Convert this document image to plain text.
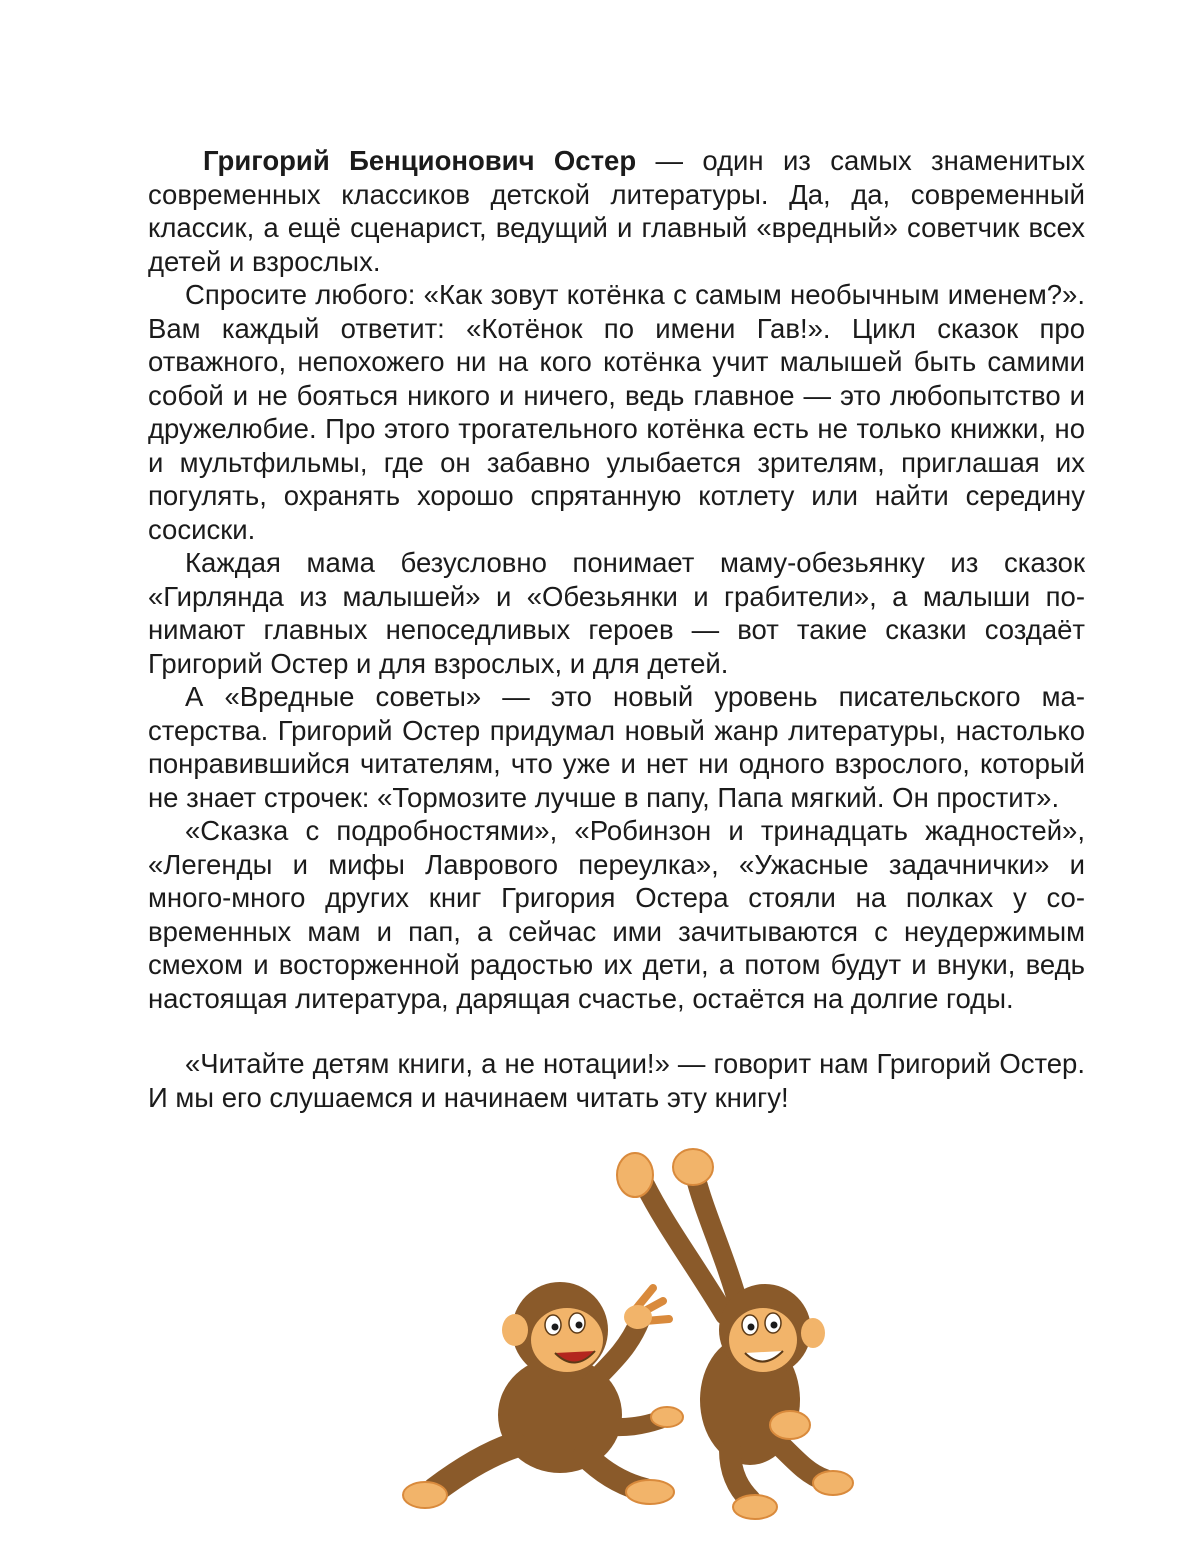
Григорий Бенционович Остер — один из самых знаменитых современных классиков детской литературы. Да, да, современный классик, а ещё сценарист, ведущий и главный «вредный» советчик всех детей и взрослых.

Спросите любого: «Как зовут котёнка с самым необычным именем?». Вам каждый ответит: «Котёнок по имени Гав!». Цикл сказок про отважного, непохожего ни на кого котёнка учит малышей быть самими собой и не бояться никого и ничего, ведь главное — это любопытство и дружелюбие. Про этого трогательного котёнка есть не только книжки, но и мультфильмы, где он забавно улыбается зрителям, приглашая их погулять, охранять хорошо спрятанную котлету или найти середину сосиски.

Каждая мама безусловно понимает маму-обезьянку из сказок «Гирлянда из малышей» и «Обезьянки и грабители», а малыши понимают главных непоседливых героев — вот такие сказки создаёт Григорий Остер и для взрослых, и для детей.

А «Вредные советы» — это новый уровень писательского мастерства. Григорий Остер придумал новый жанр литературы, настолько понравившийся читателям, что уже и нет ни одного взрослого, который не знает строчек: «Тормозите лучше в папу, Папа мягкий. Он простит».

«Сказка с подробностями», «Робинзон и тринадцать жадностей», «Легенды и мифы Лаврового переулка», «Ужасные задачнички» и много-много других книг Григория Остера стояли на полках у современных мам и пап, а сейчас ими зачитываются с неудержимым смехом и восторженной радостью их дети, а потом будут и внуки, ведь настоящая литература, дарящая счастье, остаётся на долгие годы.

«Читайте детям книги, а не нотации!» — говорит нам Григорий Остер. И мы его слушаемся и начинаем читать эту книгу!
